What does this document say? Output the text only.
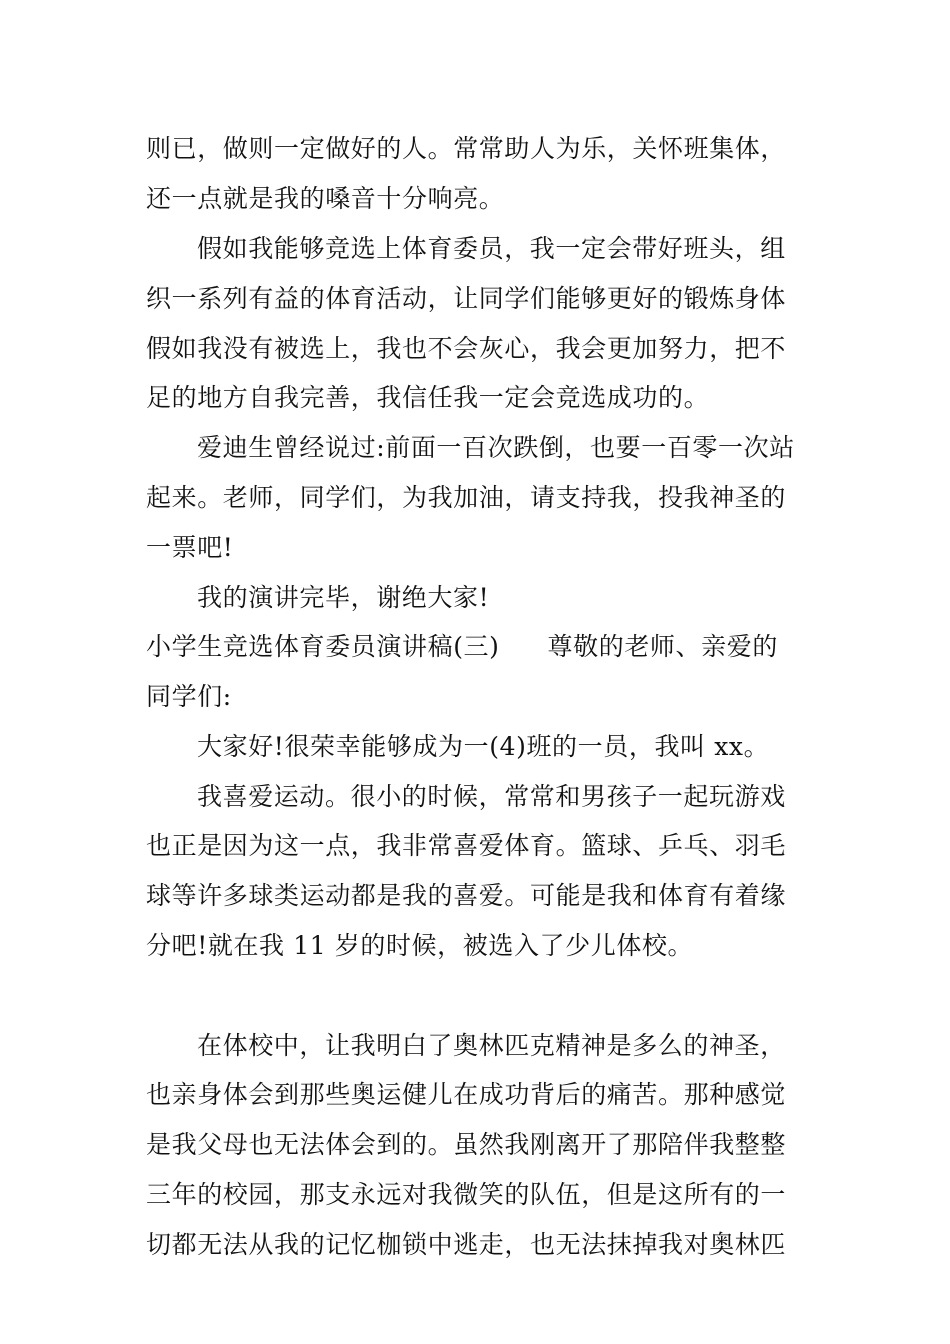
则已，做则一定做好的人。常常助人为乐，关怀班集体，
还一点就是我的嗓音十分响亮。
假如我能够竞选上体育委员，我一定会带好班头，组
织一系列有益的体育活动，让同学们能够更好的锻炼身体
假如我没有被选上，我也不会灰心，我会更加努力，把不
足的地方自我完善，我信任我一定会竞选成功的。
爱迪生曾经说过:前面一百次跌倒，也要一百零一次站
起来。老师，同学们，为我加油，请支持我，投我神圣的
一票吧!
我的演讲完毕，谢绝大家!
小学生竞选体育委员演讲稿(三) 尊敬的老师、亲爱的
同学们:
大家好!很荣幸能够成为一(4)班的一员，我叫 xx。
我喜爱运动。很小的时候，常常和男孩子一起玩游戏
也正是因为这一点，我非常喜爱体育。篮球、乒乓、羽毛
球等许多球类运动都是我的喜爱。可能是我和体育有着缘
分吧!就在我 11 岁的时候，被选入了少儿体校。
在体校中，让我明白了奥林匹克精神是多么的神圣，
也亲身体会到那些奥运健儿在成功背后的痛苦。那种感觉
是我父母也无法体会到的。虽然我刚离开了那陪伴我整整
三年的校园，那支永远对我微笑的队伍，但是这所有的一
切都无法从我的记忆枷锁中逃走，也无法抹掉我对奥林匹
